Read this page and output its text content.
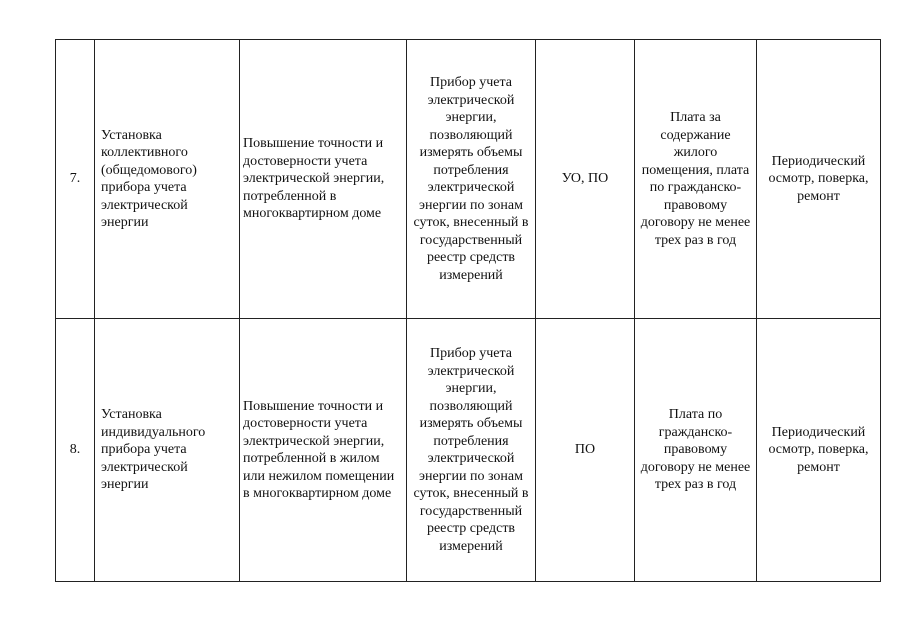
7.	Установка коллективного (общедомового) прибора учета электрической энергии	Повышение точности и достоверности учета электрической энергии, потребленной в многоквартирном доме	Прибор учета электрической энергии, позволяющий измерять объемы потребления электрической энергии по зонам суток, внесенный в государственный реестр средств измерений	УО, ПО	Плата за содержание жилого помещения, плата по гражданско-правовому договору не менее трех раз в год	Периодический осмотр, поверка, ремонт
8.	Установка индивидуального прибора учета электрической энергии	Повышение точности и достоверности учета электрической энергии, потребленной в жилом или нежилом помещении в многоквартирном доме	Прибор учета электрической энергии, позволяющий измерять объемы потребления электрической энергии по зонам суток, внесенный в государственный реестр средств измерений	ПО	Плата по гражданско-правовому договору не менее трех раз в год	Периодический осмотр, поверка, ремонт
